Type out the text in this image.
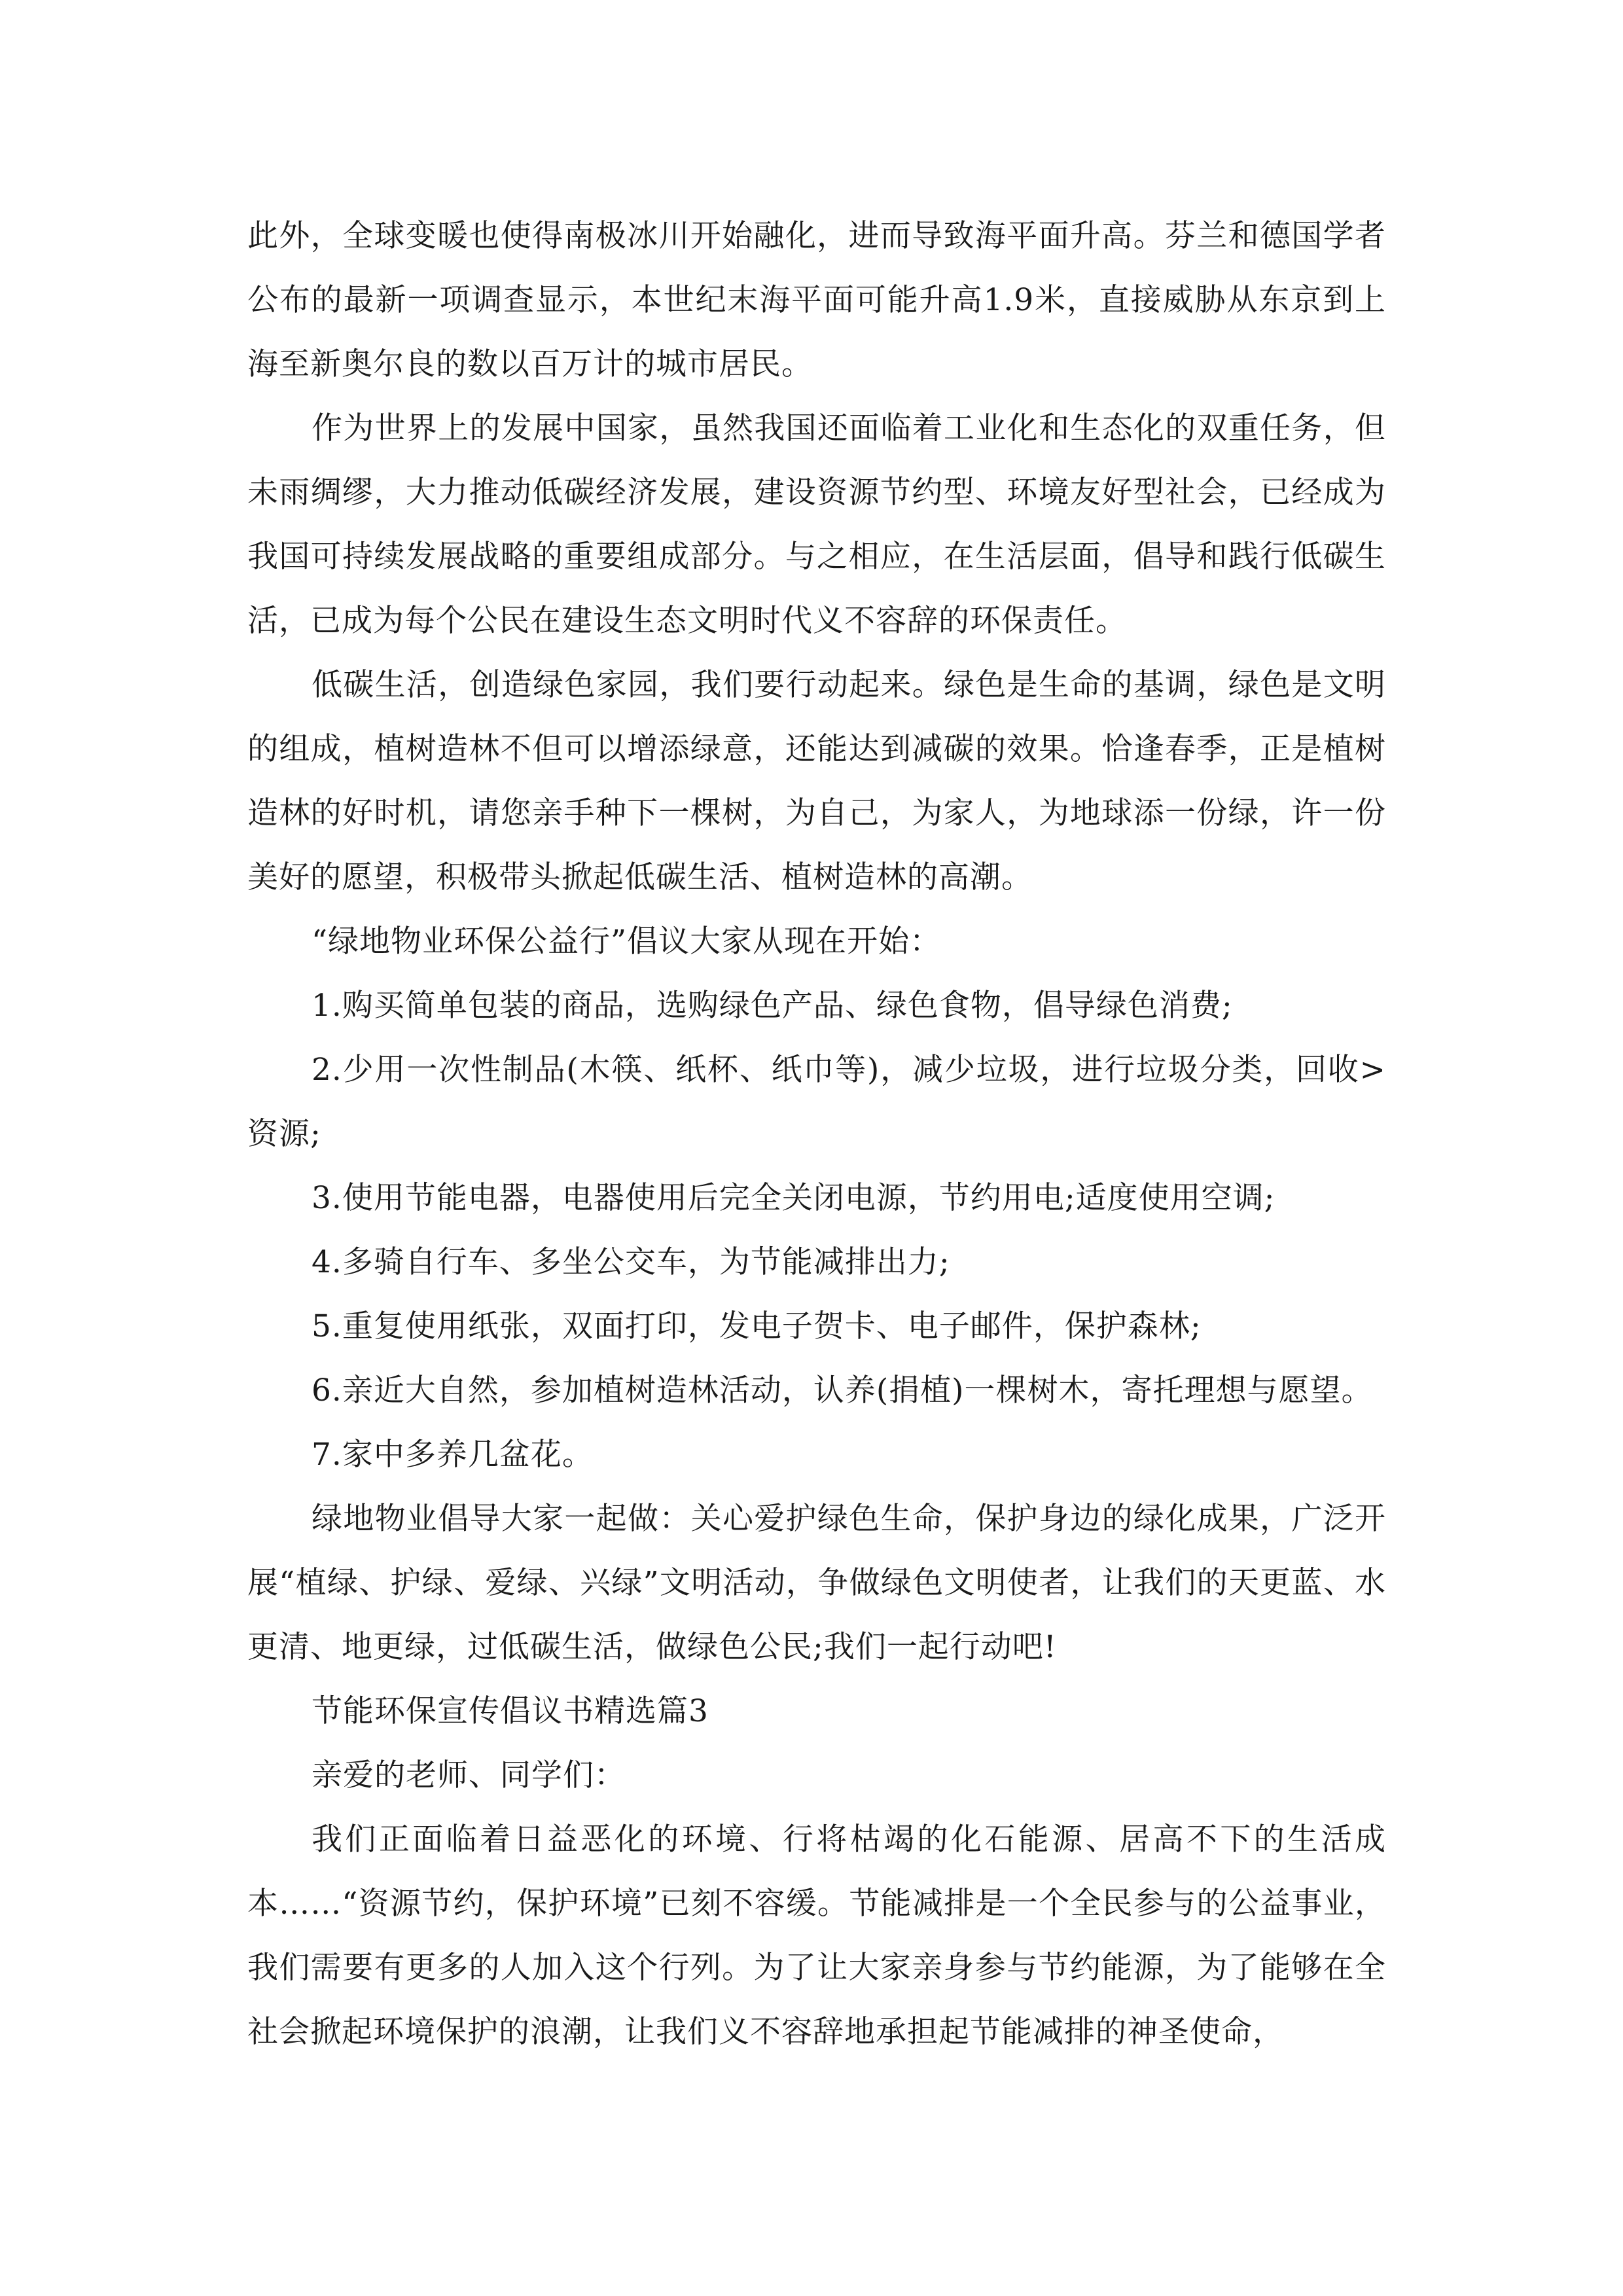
此外，全球变暖也使得南极冰川开始融化，进而导致海平面升高。芬兰和德国学者公布的最新一项调查显示，本世纪末海平面可能升高1.9米，直接威胁从东京到上海至新奥尔良的数以百万计的城市居民。

作为世界上的发展中国家，虽然我国还面临着工业化和生态化的双重任务，但未雨绸缪，大力推动低碳经济发展，建设资源节约型、环境友好型社会，已经成为我国可持续发展战略的重要组成部分。与之相应，在生活层面，倡导和践行低碳生活，已成为每个公民在建设生态文明时代义不容辞的环保责任。

低碳生活，创造绿色家园，我们要行动起来。绿色是生命的基调，绿色是文明的组成，植树造林不但可以增添绿意，还能达到减碳的效果。恰逢春季，正是植树造林的好时机，请您亲手种下一棵树，为自己，为家人，为地球添一份绿，许一份美好的愿望，积极带头掀起低碳生活、植树造林的高潮。

“绿地物业环保公益行”倡议大家从现在开始：

1.购买简单包装的商品，选购绿色产品、绿色食物，倡导绿色消费;

2.少用一次性制品(木筷、纸杯、纸巾等)，减少垃圾，进行垃圾分类，回收>资源;

3.使用节能电器，电器使用后完全关闭电源，节约用电;适度使用空调;

4.多骑自行车、多坐公交车，为节能减排出力;

5.重复使用纸张，双面打印，发电子贺卡、电子邮件，保护森林;

6.亲近大自然，参加植树造林活动，认养(捐植)一棵树木，寄托理想与愿望。

7.家中多养几盆花。

绿地物业倡导大家一起做：关心爱护绿色生命，保护身边的绿化成果，广泛开展“植绿、护绿、爱绿、兴绿”文明活动，争做绿色文明使者，让我们的天更蓝、水更清、地更绿，过低碳生活，做绿色公民;我们一起行动吧!

节能环保宣传倡议书精选篇3

亲爱的老师、同学们：

我们正面临着日益恶化的环境、行将枯竭的化石能源、居高不下的生活成本……“资源节约，保护环境”已刻不容缓。节能减排是一个全民参与的公益事业，我们需要有更多的人加入这个行列。为了让大家亲身参与节约能源，为了能够在全社会掀起环境保护的浪潮，让我们义不容辞地承担起节能减排的神圣使命，
